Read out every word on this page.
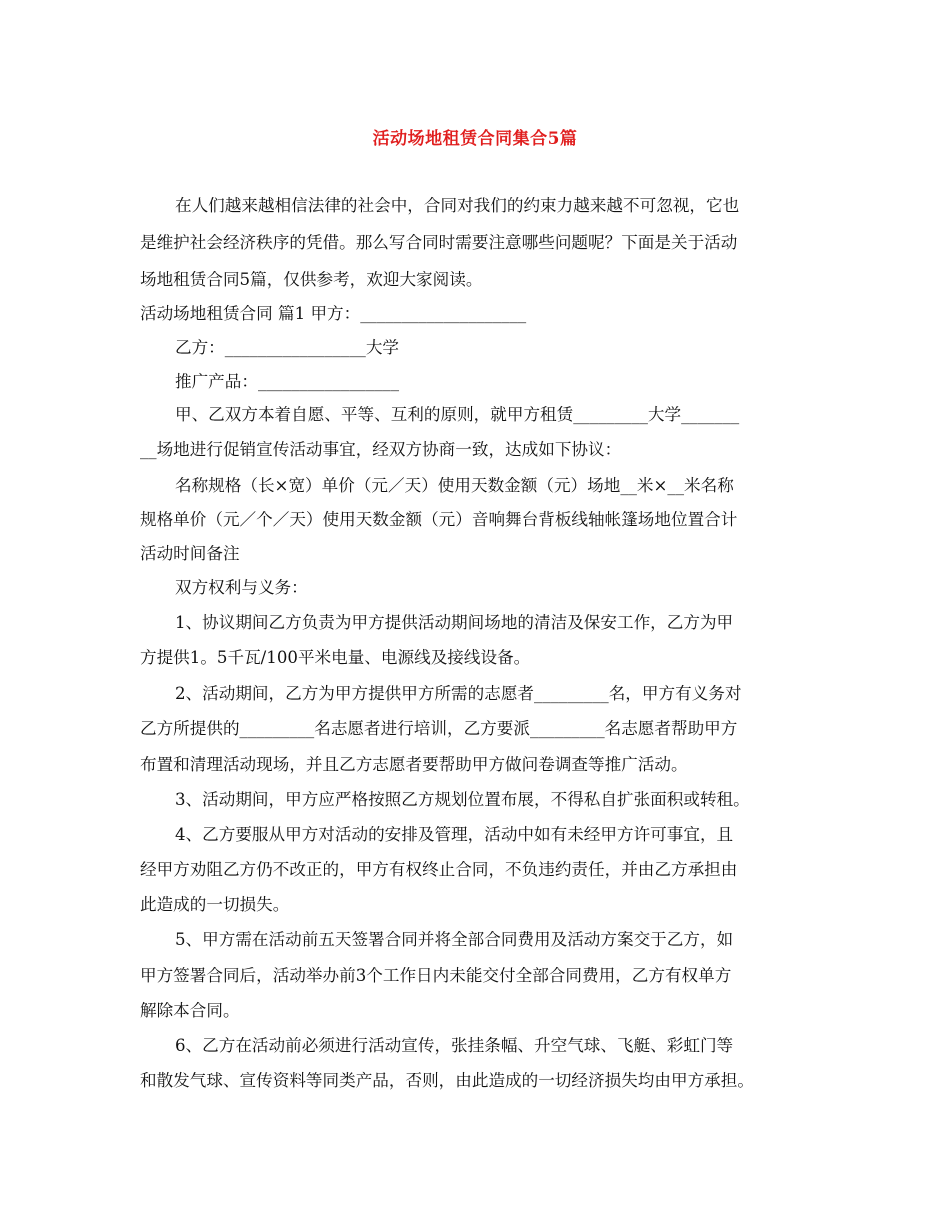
活动场地租赁合同集合5篇
在人们越来越相信法律的社会中，合同对我们的约束力越来越不可忽视，它也
是维护社会经济秩序的凭借。那么写合同时需要注意哪些问题呢？下面是关于活动
场地租赁合同5篇，仅供参考，欢迎大家阅读。
活动场地租赁合同 篇1 甲方：____________________
乙方：_________________大学
推广产品：_________________
甲、乙双方本着自愿、平等、互利的原则，就甲方租赁_________大学_______
__场地进行促销宣传活动事宜，经双方协商一致，达成如下协议：
名称规格（长×宽）单价（元／天）使用天数金额（元）场地__米×__米名称
规格单价（元／个／天）使用天数金额（元）音响舞台背板线轴帐篷场地位置合计
活动时间备注
双方权利与义务：
1、协议期间乙方负责为甲方提供活动期间场地的清洁及保安工作，乙方为甲
方提供1。5千瓦/100平米电量、电源线及接线设备。
2、活动期间，乙方为甲方提供甲方所需的志愿者_________名，甲方有义务对
乙方所提供的_________名志愿者进行培训，乙方要派_________名志愿者帮助甲方
布置和清理活动现场，并且乙方志愿者要帮助甲方做问卷调查等推广活动。
3、活动期间，甲方应严格按照乙方规划位置布展，不得私自扩张面积或转租。
4、乙方要服从甲方对活动的安排及管理，活动中如有未经甲方许可事宜，且
经甲方劝阻乙方仍不改正的，甲方有权终止合同，不负违约责任，并由乙方承担由
此造成的一切损失。
5、甲方需在活动前五天签署合同并将全部合同费用及活动方案交于乙方，如
甲方签署合同后，活动举办前3个工作日内未能交付全部合同费用，乙方有权单方
解除本合同。
6、乙方在活动前必须进行活动宣传，张挂条幅、升空气球、飞艇、彩虹门等
和散发气球、宣传资料等同类产品，否则，由此造成的一切经济损失均由甲方承担。
